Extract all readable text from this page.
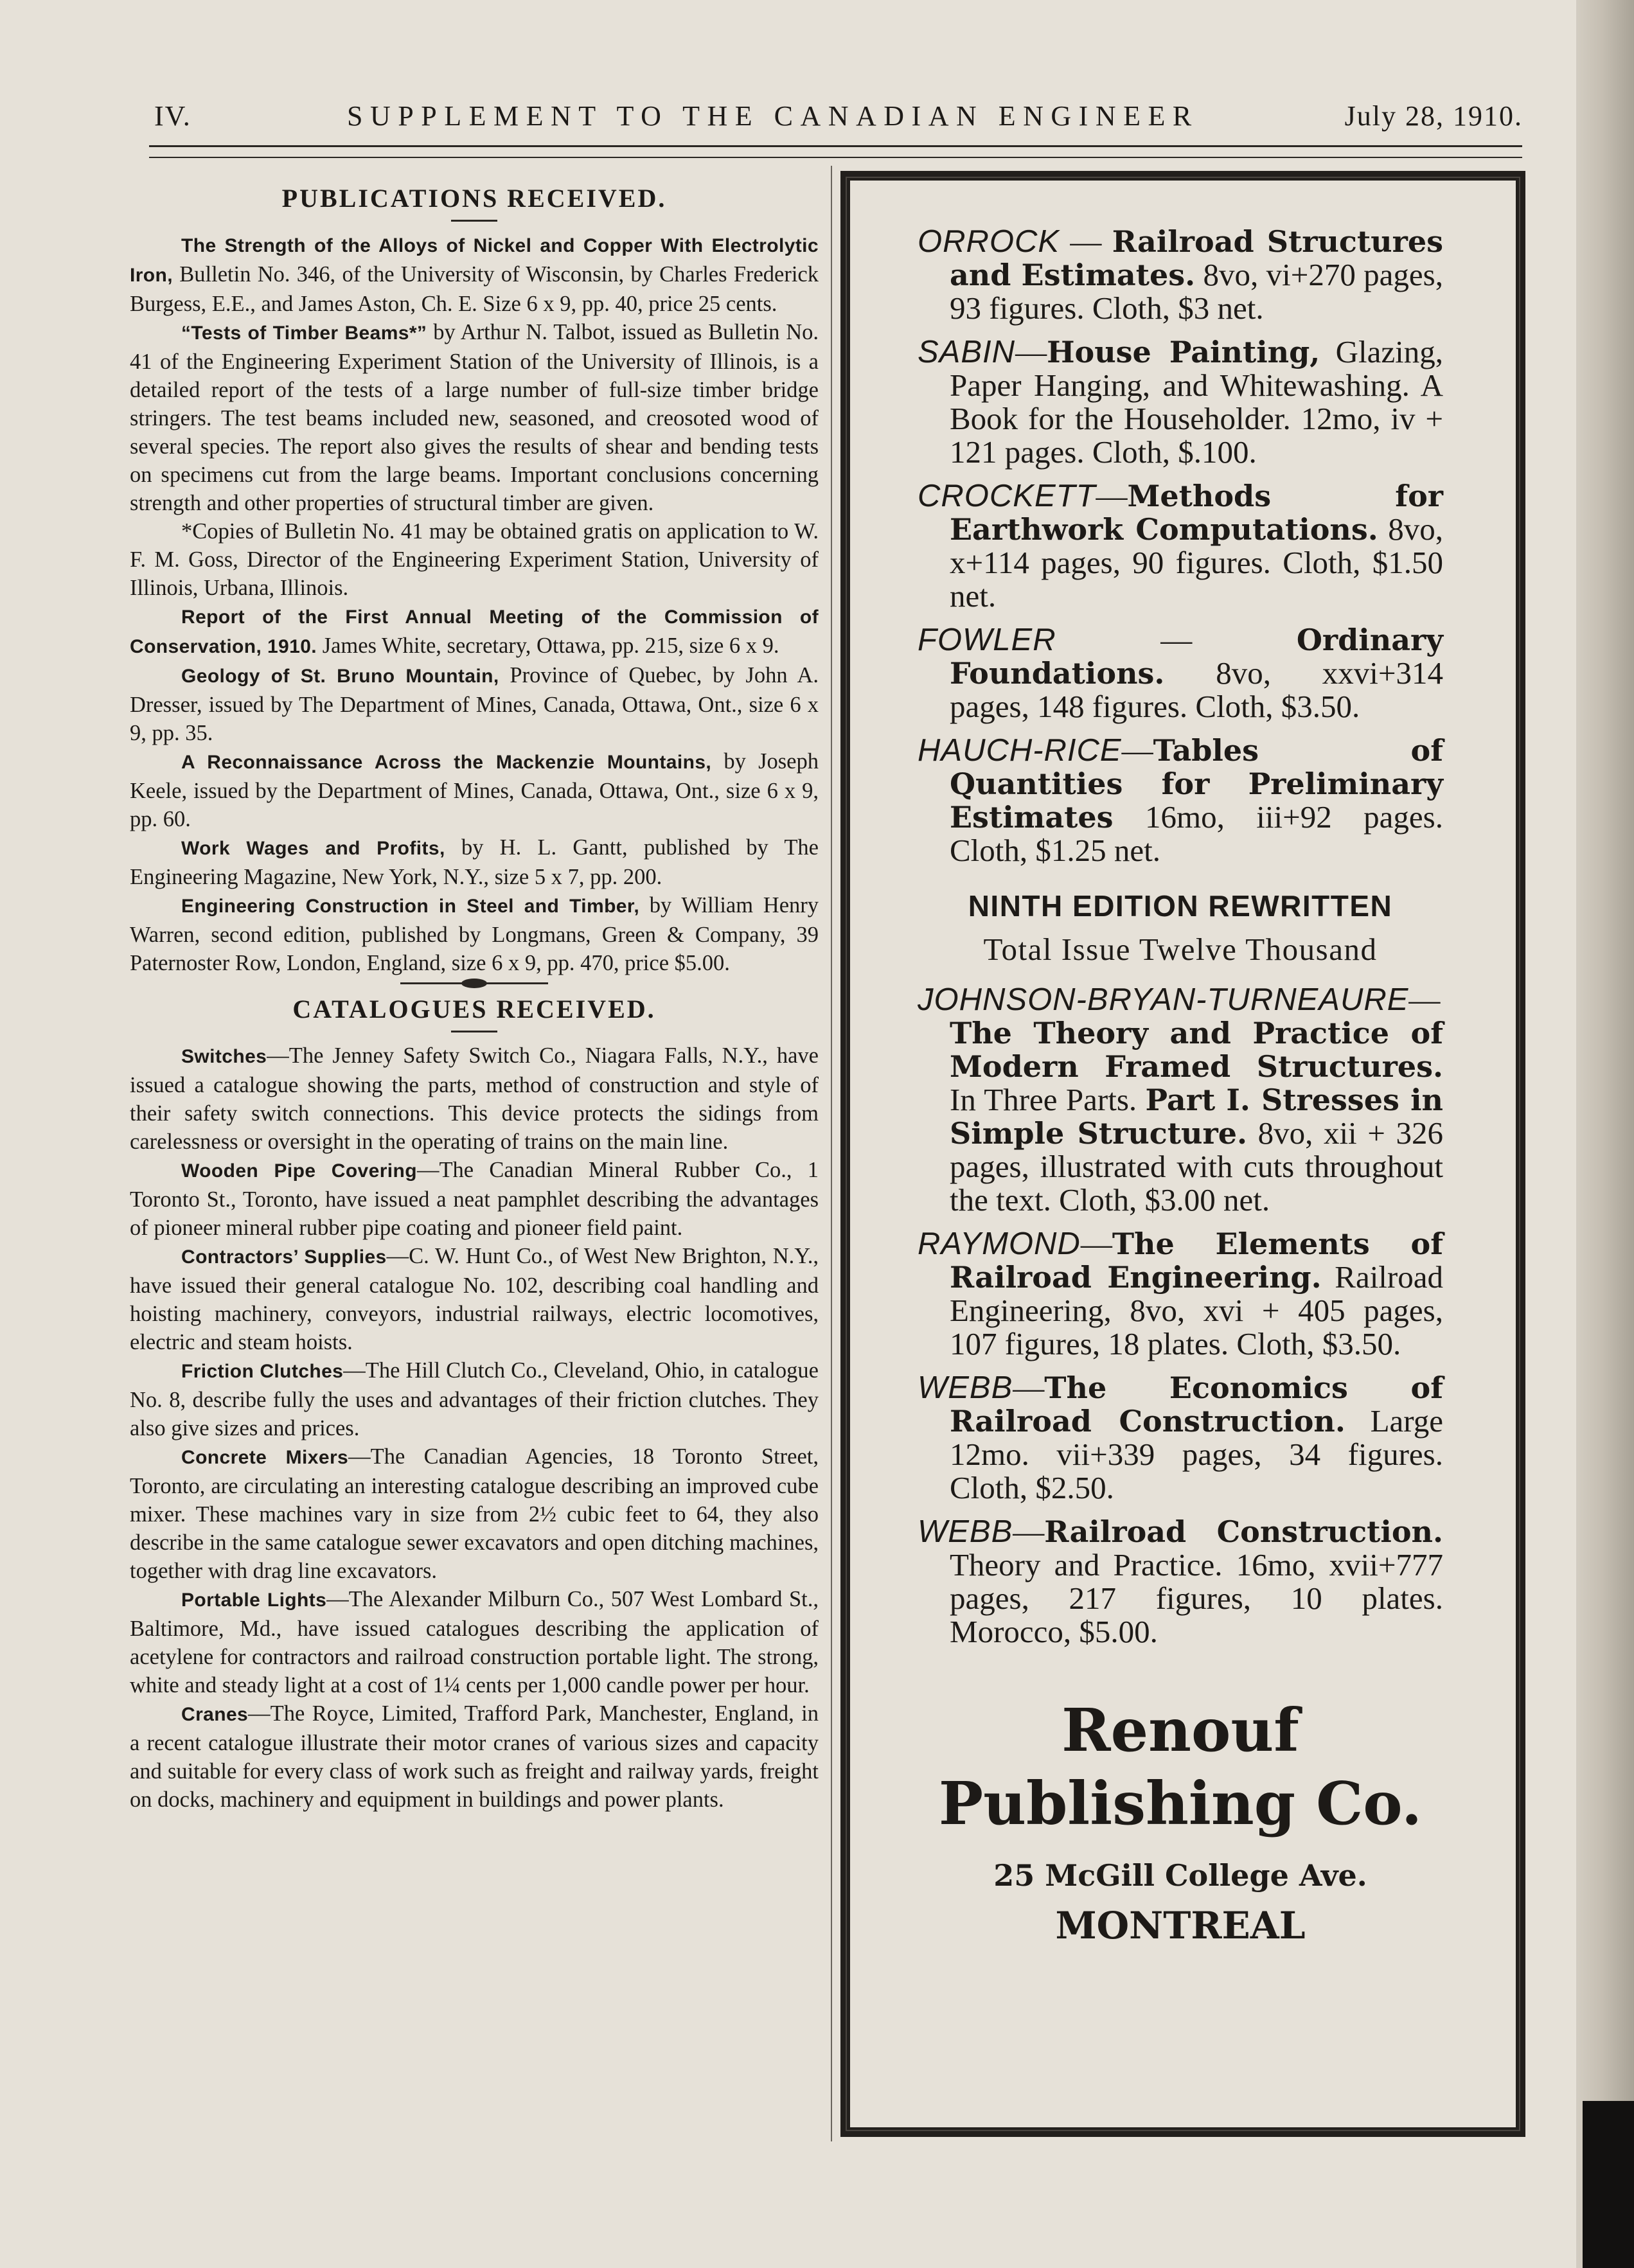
IV.	SUPPLEMENT TO THE CANADIAN ENGINEER	July 28, 1910.
PUBLICATIONS RECEIVED.

The Strength of the Alloys of Nickel and Copper With Electrolytic Iron, Bulletin No. 346, of the University of Wisconsin, by Charles Frederick Burgess, E.E., and James Aston, Ch. E. Size 6 x 9, pp. 40, price 25 cents.

“Tests of Timber Beams*” by Arthur N. Talbot, issued as Bulletin No. 41 of the Engineering Experiment Station of the University of Illinois, is a detailed report of the tests of a large number of full-size timber bridge stringers. The test beams included new, seasoned, and creosoted wood of several species. The report also gives the results of shear and bending tests on specimens cut from the large beams. Important conclusions concerning strength and other properties of structural timber are given.

*Copies of Bulletin No. 41 may be obtained gratis on application to W. F. M. Goss, Director of the Engineering Experiment Station, University of Illinois, Urbana, Illinois.

Report of the First Annual Meeting of the Commission of Conservation, 1910. James White, secretary, Ottawa, pp. 215, size 6 x 9.

Geology of St. Bruno Mountain, Province of Quebec, by John A. Dresser, issued by The Department of Mines, Canada, Ottawa, Ont., size 6 x 9, pp. 35.

A Reconnaissance Across the Mackenzie Mountains, by Joseph Keele, issued by the Department of Mines, Canada, Ottawa, Ont., size 6 x 9, pp. 60.

Work Wages and Profits, by H. L. Gantt, published by The Engineering Magazine, New York, N.Y., size 5 x 7, pp. 200.

Engineering Construction in Steel and Timber, by William Henry Warren, second edition, published by Longmans, Green & Company, 39 Paternoster Row, London, England, size 6 x 9, pp. 470, price $5.00.

CATALOGUES RECEIVED.

Switches—The Jenney Safety Switch Co., Niagara Falls, N.Y., have issued a catalogue showing the parts, method of construction and style of their safety switch connections. This device protects the sidings from carelessness or oversight in the operating of trains on the main line.

Wooden Pipe Covering—The Canadian Mineral Rubber Co., 1 Toronto St., Toronto, have issued a neat pamphlet describing the advantages of pioneer mineral rubber pipe coating and pioneer field paint.

Contractors’ Supplies—C. W. Hunt Co., of West New Brighton, N.Y., have issued their general catalogue No. 102, describing coal handling and hoisting machinery, conveyors, industrial railways, electric locomotives, electric and steam hoists.

Friction Clutches—The Hill Clutch Co., Cleveland, Ohio, in catalogue No. 8, describe fully the uses and advantages of their friction clutches. They also give sizes and prices.

Concrete Mixers—The Canadian Agencies, 18 Toronto Street, Toronto, are circulating an interesting catalogue describing an improved cube mixer. These machines vary in size from 2½ cubic feet to 64, they also describe in the same catalogue sewer excavators and open ditching machines, together with drag line excavators.

Portable Lights—The Alexander Milburn Co., 507 West Lombard St., Baltimore, Md., have issued catalogues describing the application of acetylene for contractors and railroad construction portable light. The strong, white and steady light at a cost of 1¼ cents per 1,000 candle power per hour.

Cranes—The Royce, Limited, Trafford Park, Manchester, England, in a recent catalogue illustrate their motor cranes of various sizes and capacity and suitable for every class of work such as freight and railway yards, freight on docks, machinery and equipment in buildings and power plants.

ORROCK — Railroad Structures and Estimates. 8vo, vi+270 pages, 93 figures. Cloth, $3 net.

SABIN—House Painting, Glazing, Paper Hanging, and Whitewashing. A Book for the Householder. 12mo, iv + 121 pages. Cloth, $.100.

CROCKETT—Methods for Earthwork Computations. 8vo, x+114 pages, 90 figures. Cloth, $1.50 net.

FOWLER — Ordinary Foundations. 8vo, xxvi+314 pages, 148 figures. Cloth, $3.50.

HAUCH-RICE—Tables of Quantities for Preliminary Estimates 16mo, iii+92 pages. Cloth, $1.25 net.

NINTH EDITION REWRITTEN
Total Issue Twelve Thousand

JOHNSON-BRYAN-TURNEAURE—The Theory and Practice of Modern Framed Structures. In Three Parts. Part I. Stresses in Simple Structure. 8vo, xii + 326 pages, illustrated with cuts throughout the text. Cloth, $3.00 net.

RAYMOND—The Elements of Railroad Engineering. Railroad Engineering, 8vo, xvi + 405 pages, 107 figures, 18 plates. Cloth, $3.50.

WEBB—The Economics of Railroad Construction. Large 12mo. vii+339 pages, 34 figures. Cloth, $2.50.

WEBB—Railroad Construction. Theory and Practice. 16mo, xvii+777 pages, 217 figures, 10 plates. Morocco, $5.00.

Renouf
Publishing Co.
25 McGill College Ave.
MONTREAL
